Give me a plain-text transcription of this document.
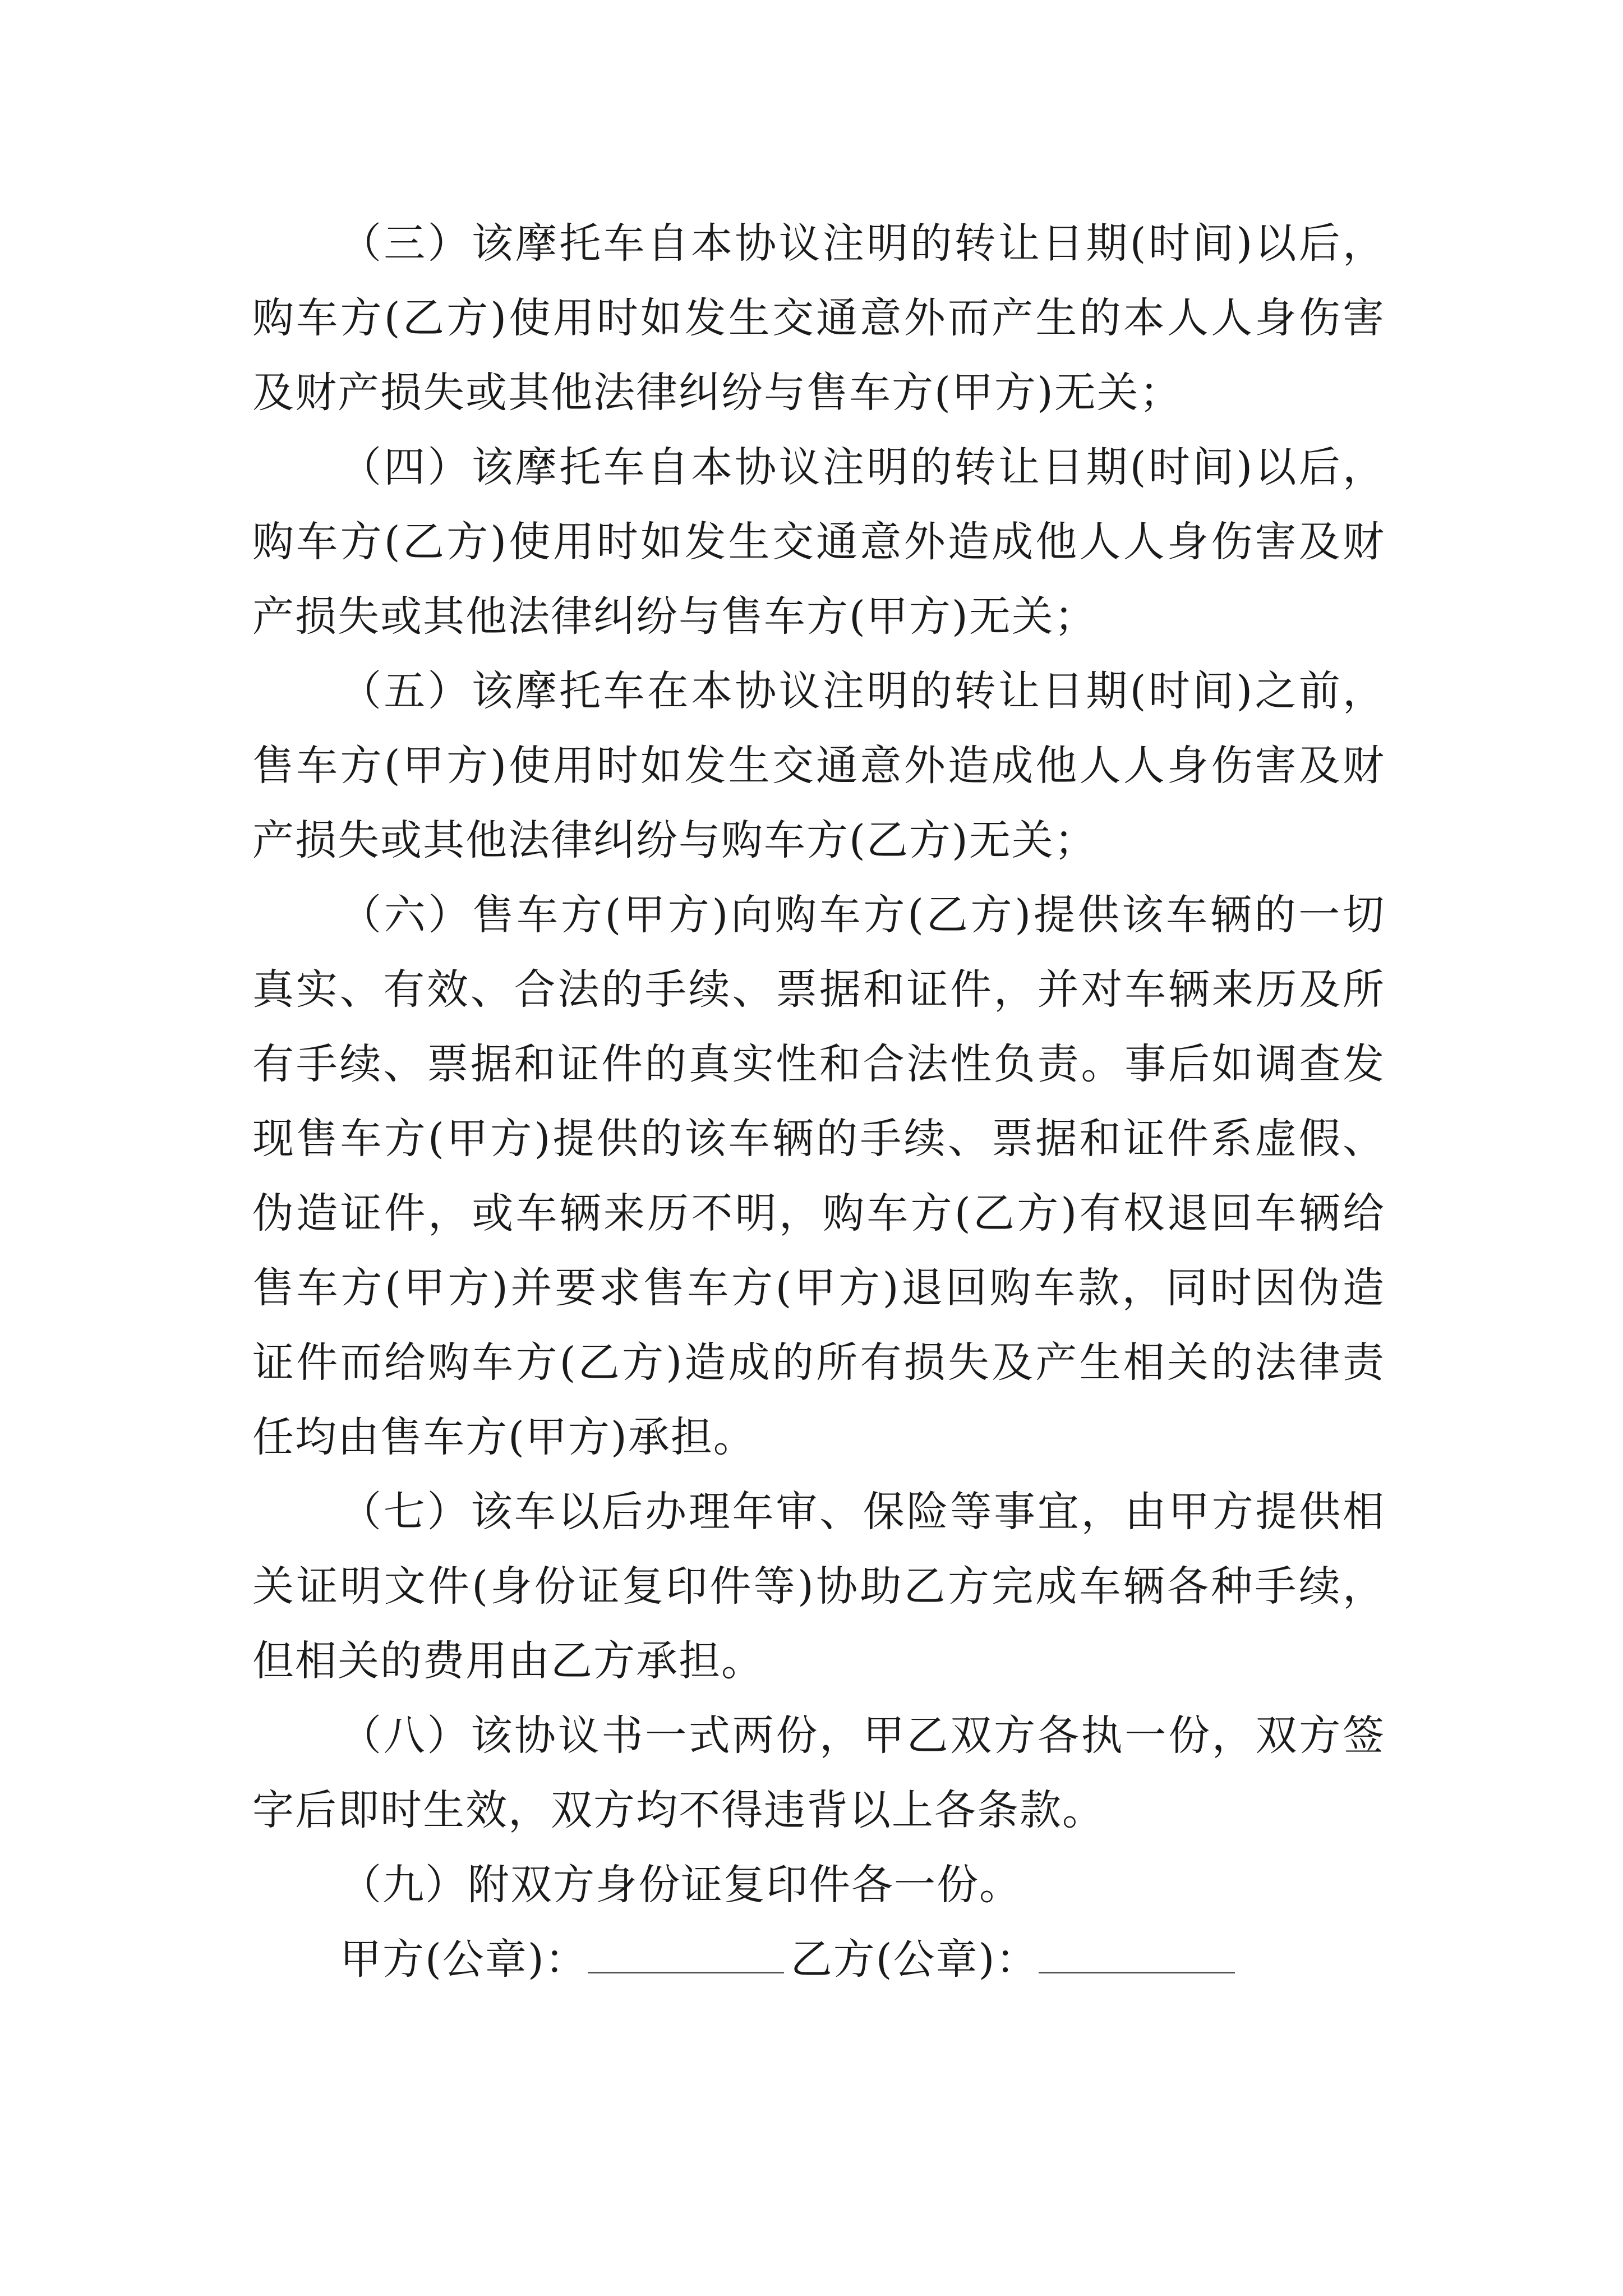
（三）该摩托车自本协议注明的转让日期(时间)以后，购车方(乙方)使用时如发生交通意外而产生的本人人身伤害及财产损失或其他法律纠纷与售车方(甲方)无关；

（四）该摩托车自本协议注明的转让日期(时间)以后，购车方(乙方)使用时如发生交通意外造成他人人身伤害及财产损失或其他法律纠纷与售车方(甲方)无关；

（五）该摩托车在本协议注明的转让日期(时间)之前，售车方(甲方)使用时如发生交通意外造成他人人身伤害及财产损失或其他法律纠纷与购车方(乙方)无关；

（六）售车方(甲方)向购车方(乙方)提供该车辆的一切真实、有效、合法的手续、票据和证件，并对车辆来历及所有手续、票据和证件的真实性和合法性负责。事后如调查发现售车方(甲方)提供的该车辆的手续、票据和证件系虚假、伪造证件，或车辆来历不明，购车方(乙方)有权退回车辆给售车方(甲方)并要求售车方(甲方)退回购车款，同时因伪造证件而给购车方(乙方)造成的所有损失及产生相关的法律责任均由售车方(甲方)承担。

（七）该车以后办理年审、保险等事宜，由甲方提供相关证明文件(身份证复印件等)协助乙方完成车辆各种手续，但相关的费用由乙方承担。

（八）该协议书一式两份，甲乙双方各执一份，双方签字后即时生效，双方均不得违背以上各条款。

（九）附双方身份证复印件各一份。

甲方(公章)：	乙方(公章)：
